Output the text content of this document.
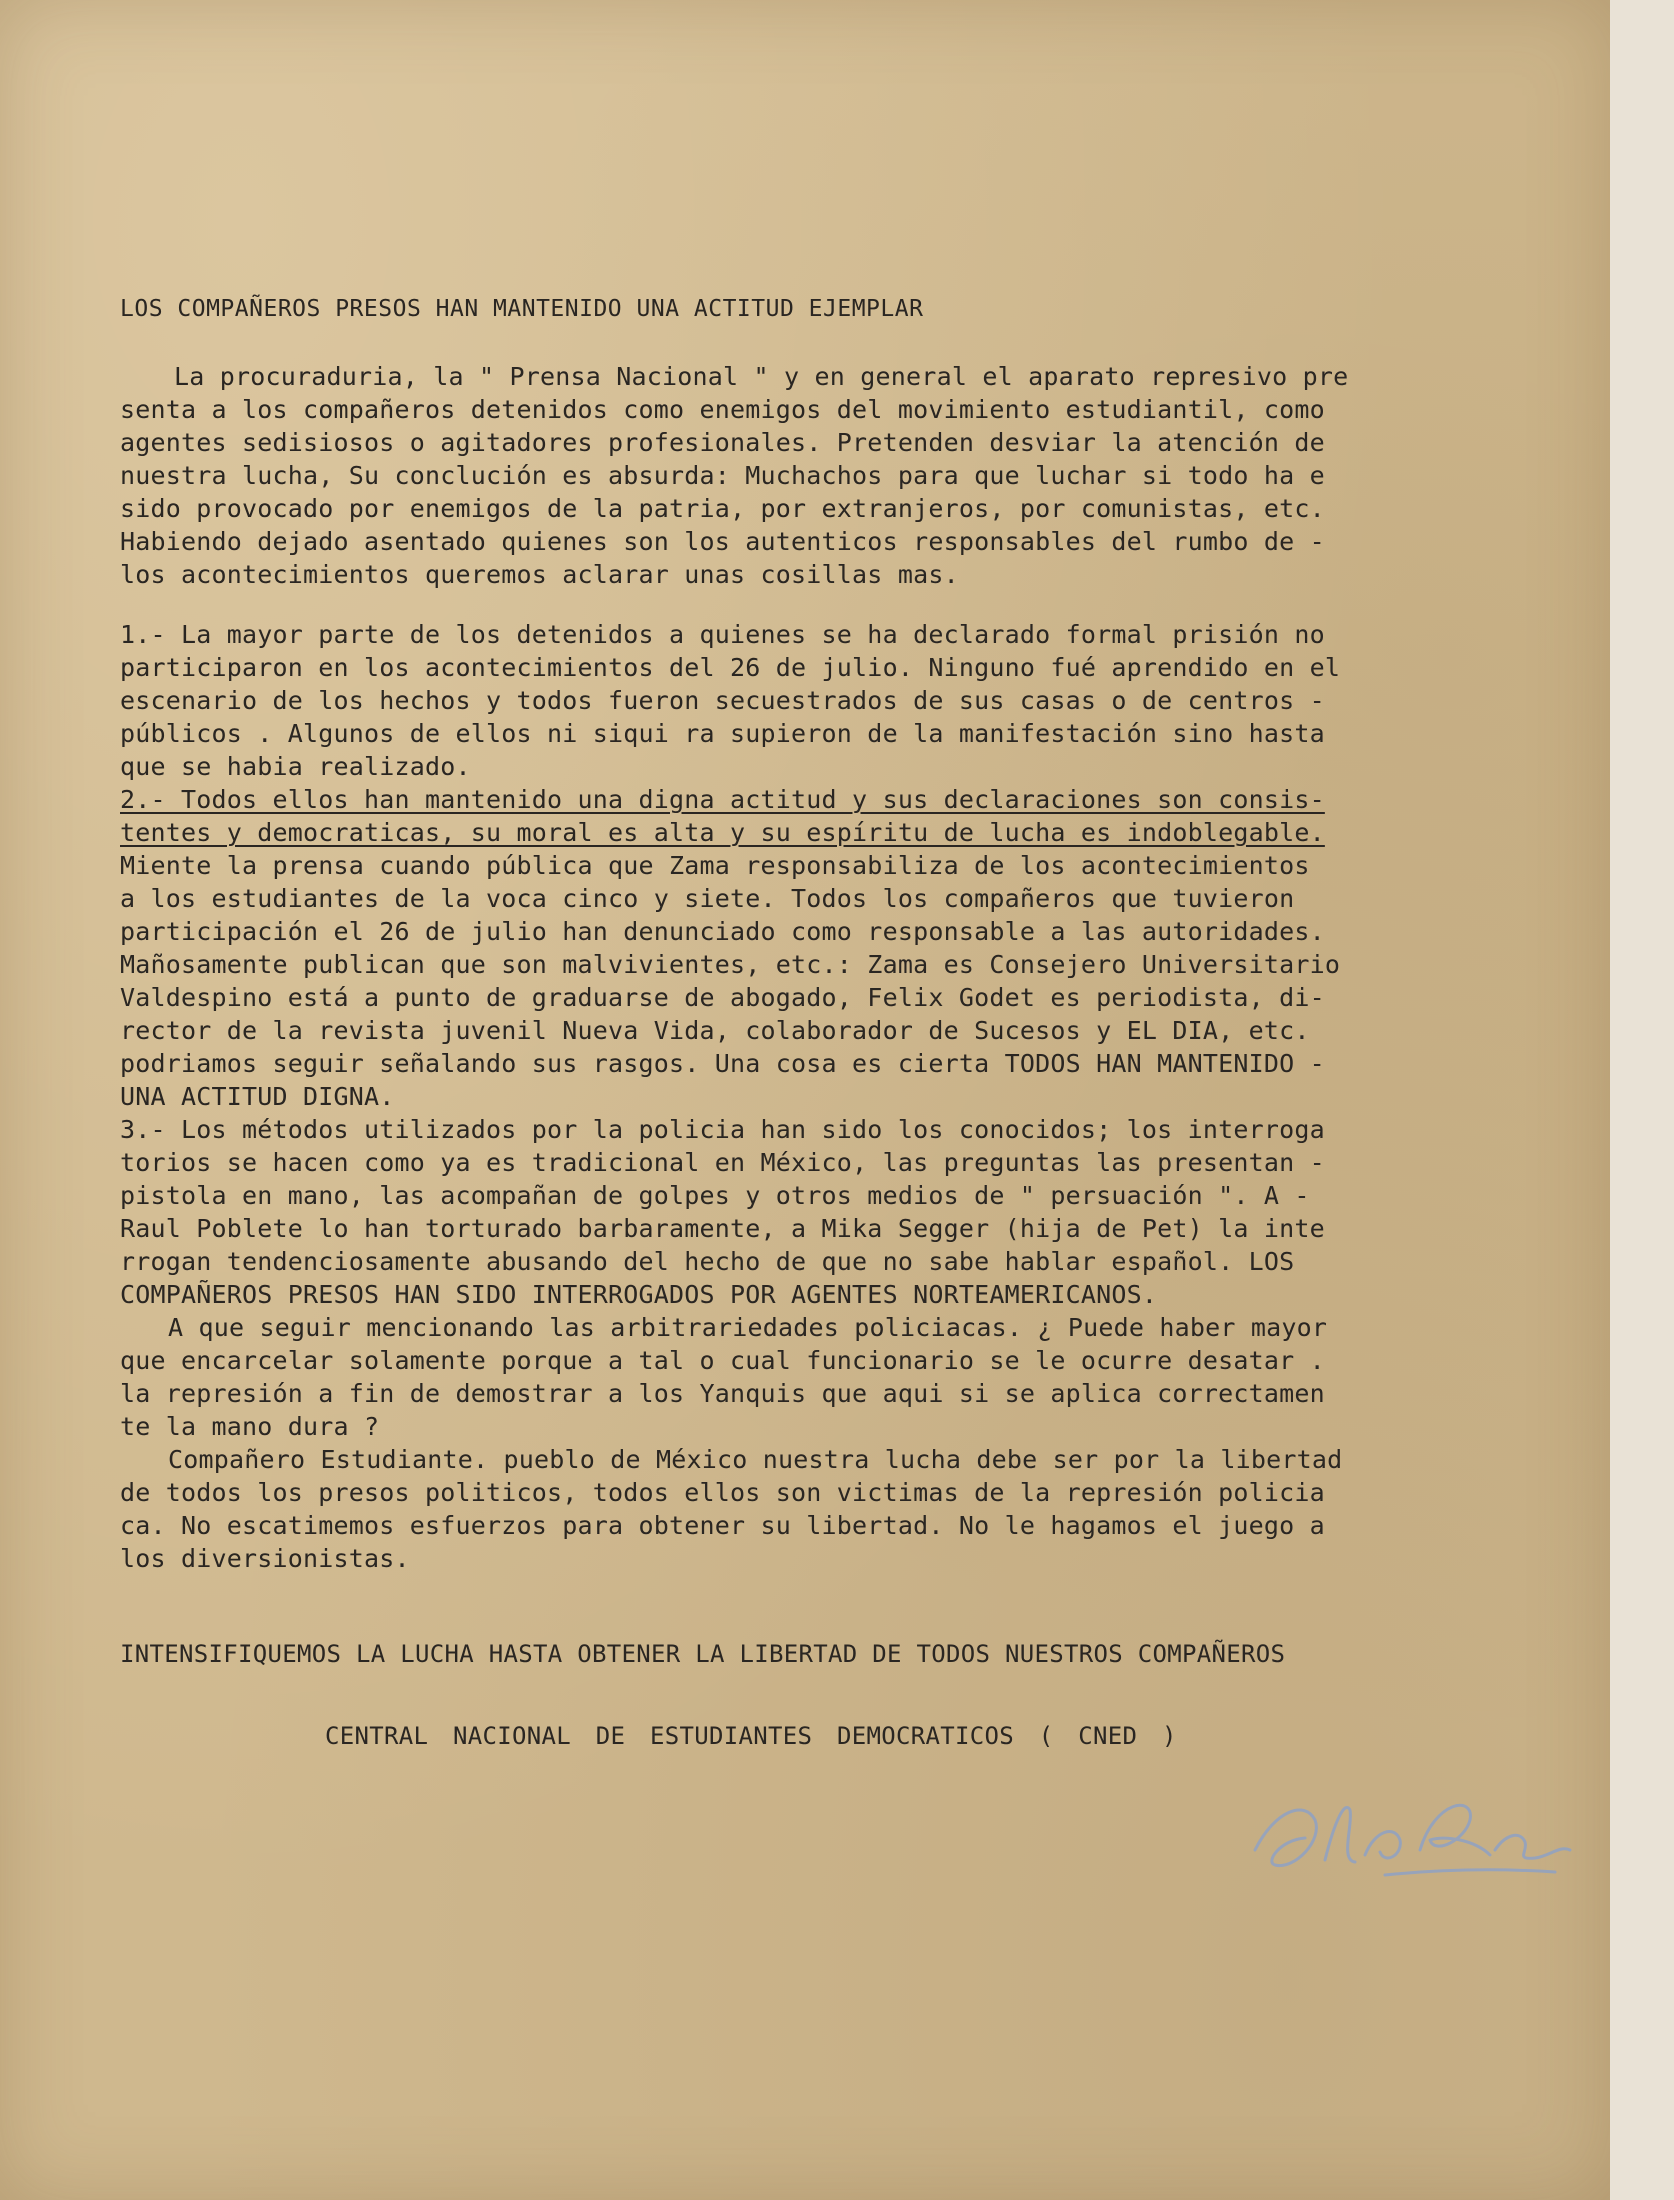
LOS COMPAÑEROS PRESOS HAN MANTENIDO UNA ACTITUD EJEMPLAR
La procuraduria, la " Prensa Nacional " y en general el aparato represivo pre
senta a los compañeros detenidos como enemigos del movimiento estudiantil, como
agentes sedisiosos o agitadores profesionales. Pretenden desviar la atención de
nuestra lucha, Su conclución es absurda: Muchachos para que luchar si todo ha e
sido provocado por enemigos de la patria, por extranjeros, por comunistas, etc.
Habiendo dejado asentado quienes son los autenticos responsables del rumbo de -
los acontecimientos queremos aclarar unas cosillas mas.
1.- La mayor parte de los detenidos a quienes se ha declarado formal prisión no
participaron en los acontecimientos del 26 de julio. Ninguno fué aprendido en el
escenario de los hechos y todos fueron secuestrados de sus casas o de centros -
públicos . Algunos de ellos ni siqui ra supieron de la manifestación sino hasta
que se habia realizado.
2.- Todos ellos han mantenido una digna actitud y sus declaraciones son consis-
tentes y democraticas, su moral es alta y su espíritu de lucha es indoblegable.
Miente la prensa cuando pública que Zama responsabiliza de los acontecimientos
a los estudiantes de la voca cinco y siete. Todos los compañeros que tuvieron
participación el 26 de julio han denunciado como responsable a las autoridades.
Mañosamente publican que son malvivientes, etc.: Zama es Consejero Universitario
Valdespino está a punto de graduarse de abogado, Felix Godet es periodista, di-
rector de la revista juvenil Nueva Vida, colaborador de Sucesos y EL DIA, etc.
podriamos seguir señalando sus rasgos. Una cosa es cierta TODOS HAN MANTENIDO -
UNA ACTITUD DIGNA.
3.- Los métodos utilizados por la policia han sido los conocidos; los interroga
torios se hacen como ya es tradicional en México, las preguntas las presentan -
pistola en mano, las acompañan de golpes y otros medios de " persuación ". A -
Raul Poblete lo han torturado barbaramente, a Mika Segger (hija de Pet) la inte
rrogan tendenciosamente abusando del hecho de que no sabe hablar español. LOS
COMPAÑEROS PRESOS HAN SIDO INTERROGADOS POR AGENTES NORTEAMERICANOS.
A que seguir mencionando las arbitrariedades policiacas. ¿ Puede haber mayor
que encarcelar solamente porque a tal o cual funcionario se le ocurre desatar .
la represión a fin de demostrar a los Yanquis que aqui si se aplica correctamen
te la mano dura ?
Compañero Estudiante. pueblo de México nuestra lucha debe ser por la libertad
de todos los presos politicos, todos ellos son victimas de la represión policia
ca. No escatimemos esfuerzos para obtener su libertad. No le hagamos el juego a
los diversionistas.
INTENSIFIQUEMOS LA LUCHA HASTA OBTENER LA LIBERTAD DE TODOS NUESTROS COMPAÑEROS
CENTRAL NACIONAL DE ESTUDIANTES DEMOCRATICOS ( CNED )
